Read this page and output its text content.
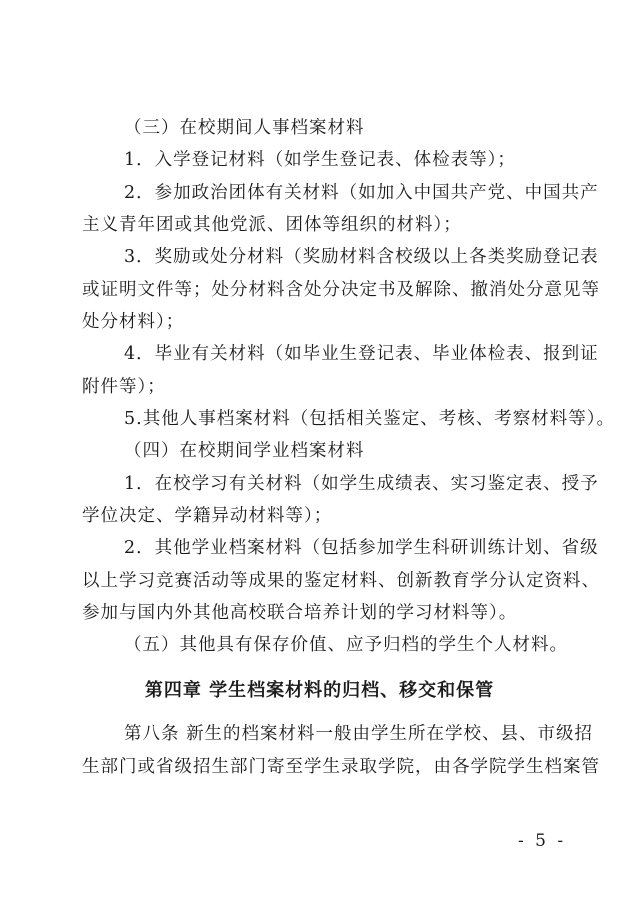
（三）在校期间人事档案材料
1．入学登记材料（如学生登记表、体检表等）；
2．参加政治团体有关材料（如加入中国共产党、中国共产
主义青年团或其他党派、团体等组织的材料）；
3．奖励或处分材料（奖励材料含校级以上各类奖励登记表
或证明文件等；处分材料含处分决定书及解除、撤消处分意见等
处分材料）；
4．毕业有关材料（如毕业生登记表、毕业体检表、报到证
附件等）；
5.其他人事档案材料（包括相关鉴定、考核、考察材料等）。
（四）在校期间学业档案材料
1．在校学习有关材料（如学生成绩表、实习鉴定表、授予
学位决定、学籍异动材料等）；
2．其他学业档案材料（包括参加学生科研训练计划、省级
以上学习竞赛活动等成果的鉴定材料、创新教育学分认定资料、
参加与国内外其他高校联合培养计划的学习材料等）。
（五）其他具有保存价值、应予归档的学生个人材料。
第四章 学生档案材料的归档、移交和保管
第八条 新生的档案材料一般由学生所在学校、县、市级招
生部门或省级招生部门寄至学生录取学院，由各学院学生档案管
- 5 -
